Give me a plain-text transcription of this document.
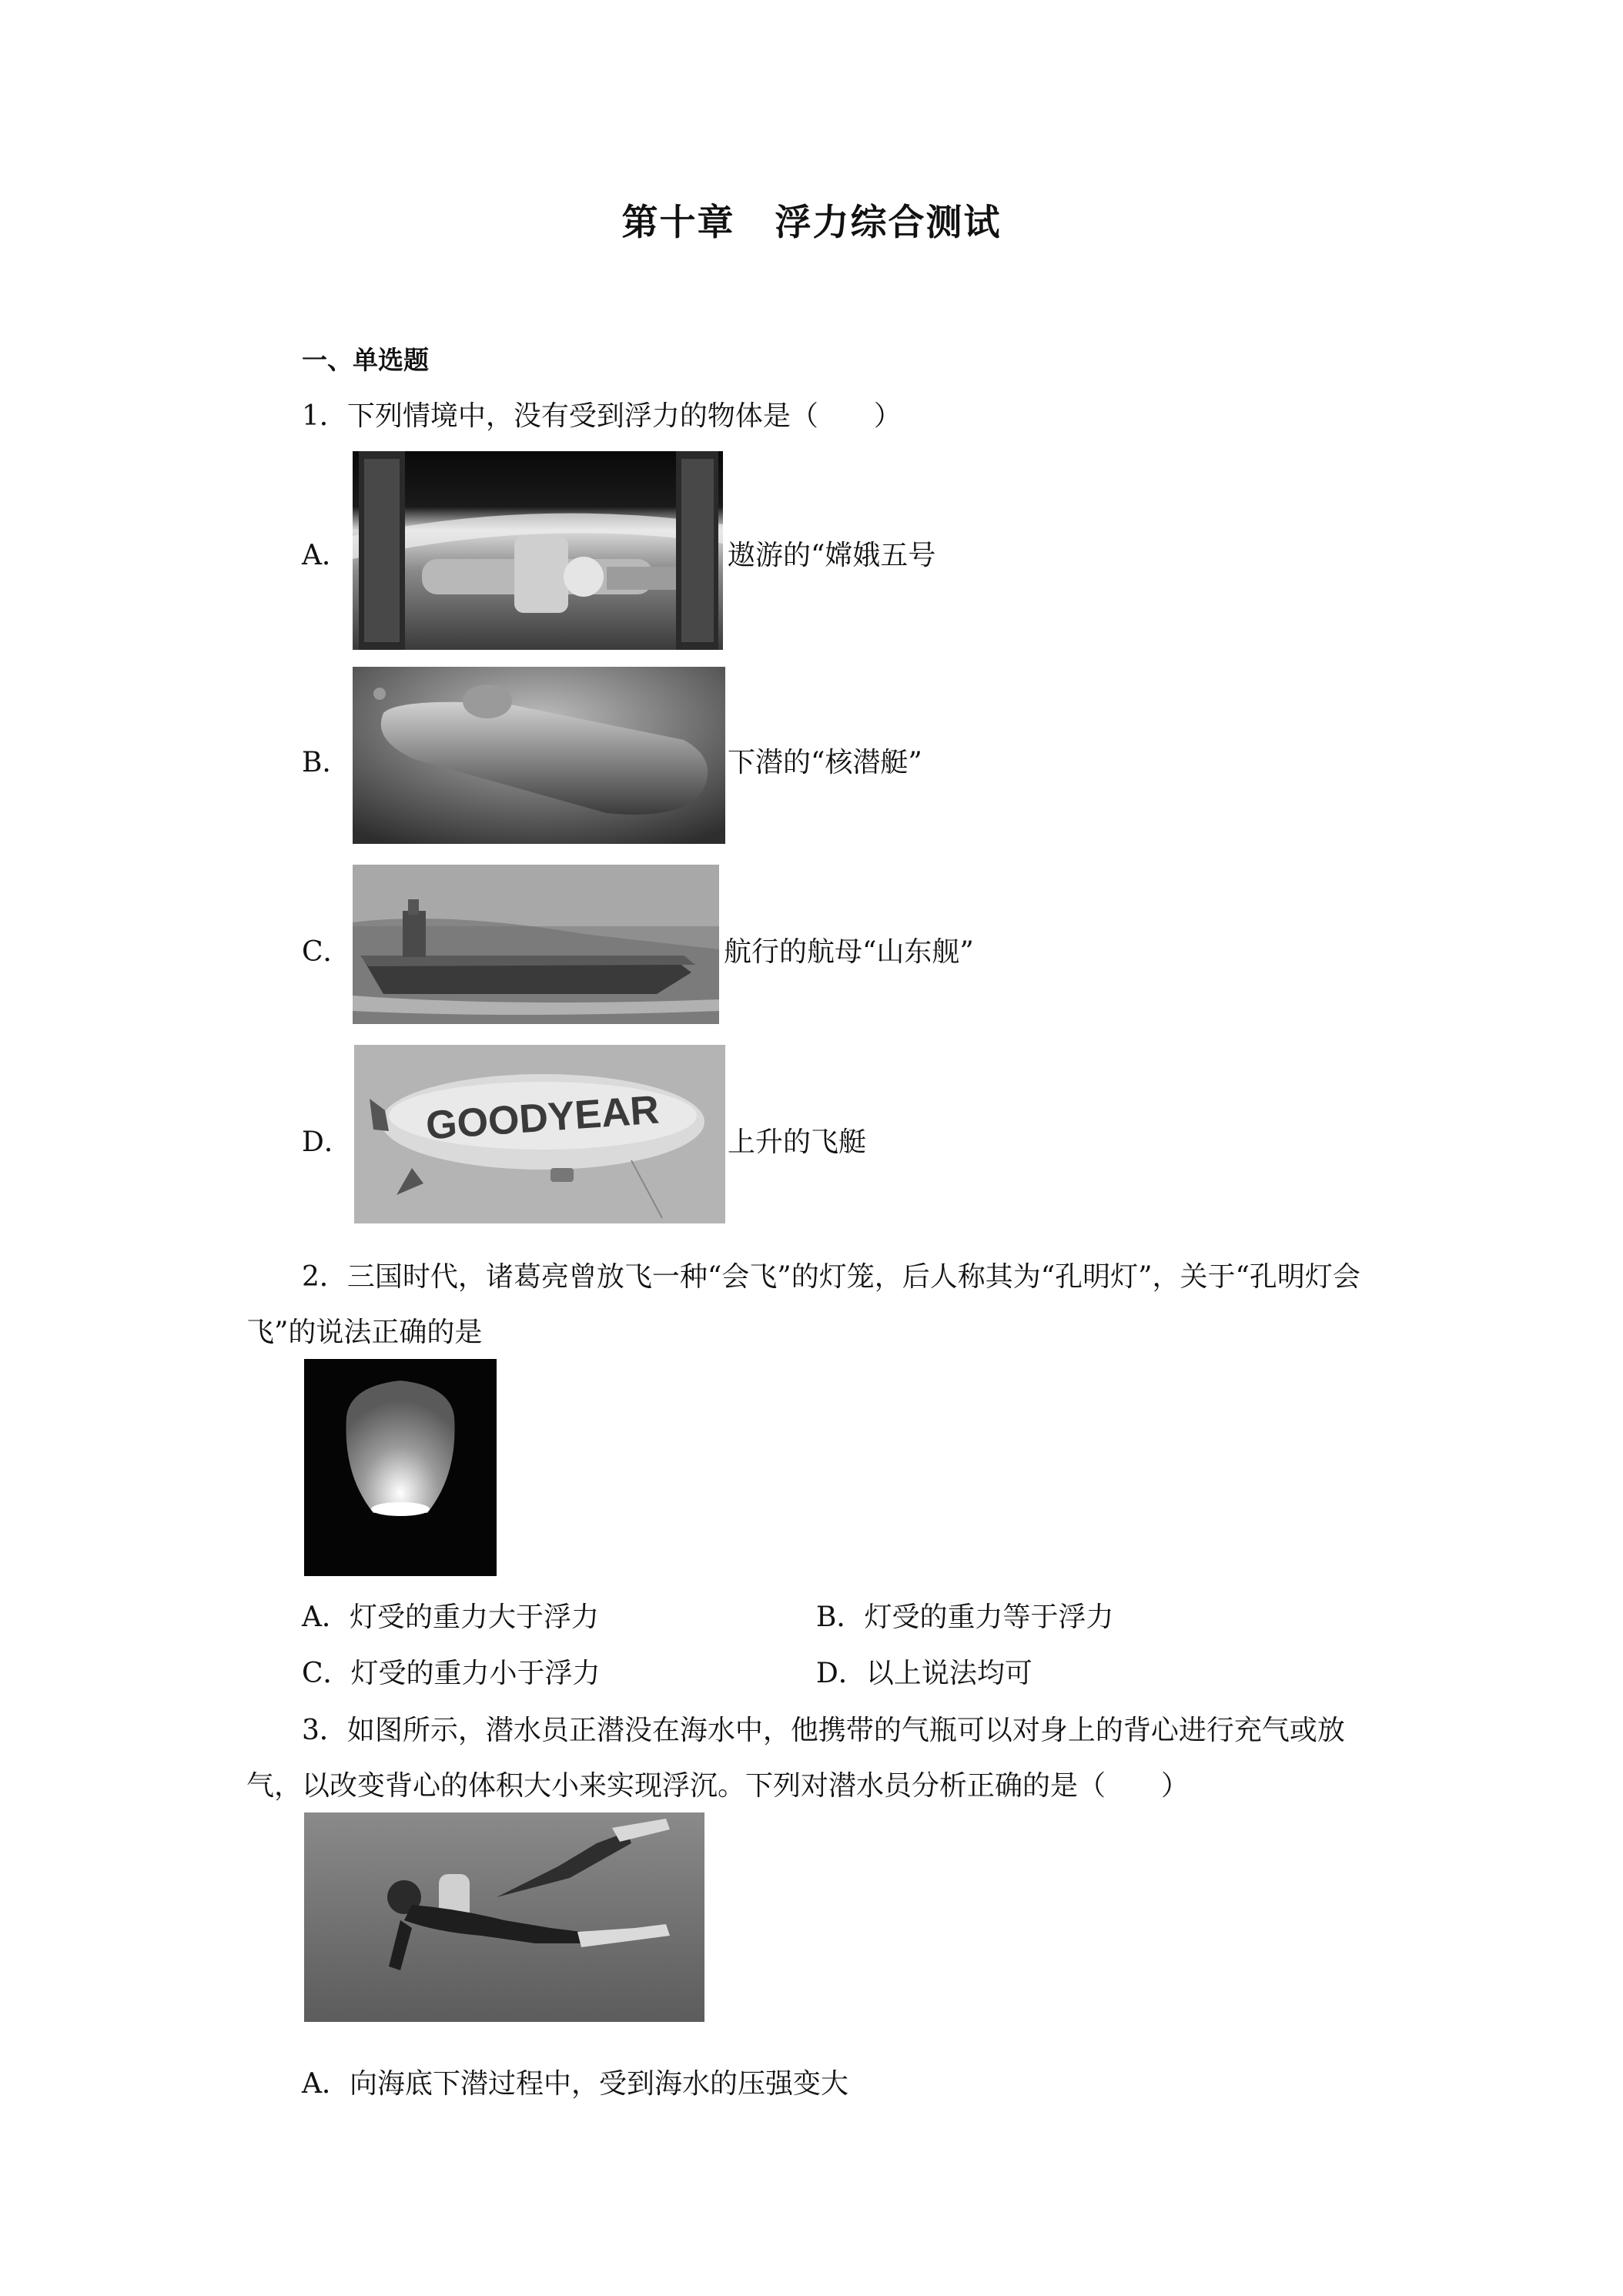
第十章 浮力综合测试
一、单选题
1．下列情境中，没有受到浮力的物体是（　　）
A．	遨游的“嫦娥五号
B．	下潜的“核潜艇”
C．	航行的航母“山东舰”
D． GOODYEAR 上升的飞艇
2．三国时代，诸葛亮曾放飞一种“会飞”的灯笼，后人称其为“孔明灯”，关于“孔明灯会
飞”的说法正确的是
A．灯受的重力大于浮力	B．灯受的重力等于浮力
C．灯受的重力小于浮力	D．以上说法均可
3．如图所示，潜水员正潜没在海水中，他携带的气瓶可以对身上的背心进行充气或放
气，以改变背心的体积大小来实现浮沉。下列对潜水员分析正确的是（　　）
A．向海底下潜过程中，受到海水的压强变大
